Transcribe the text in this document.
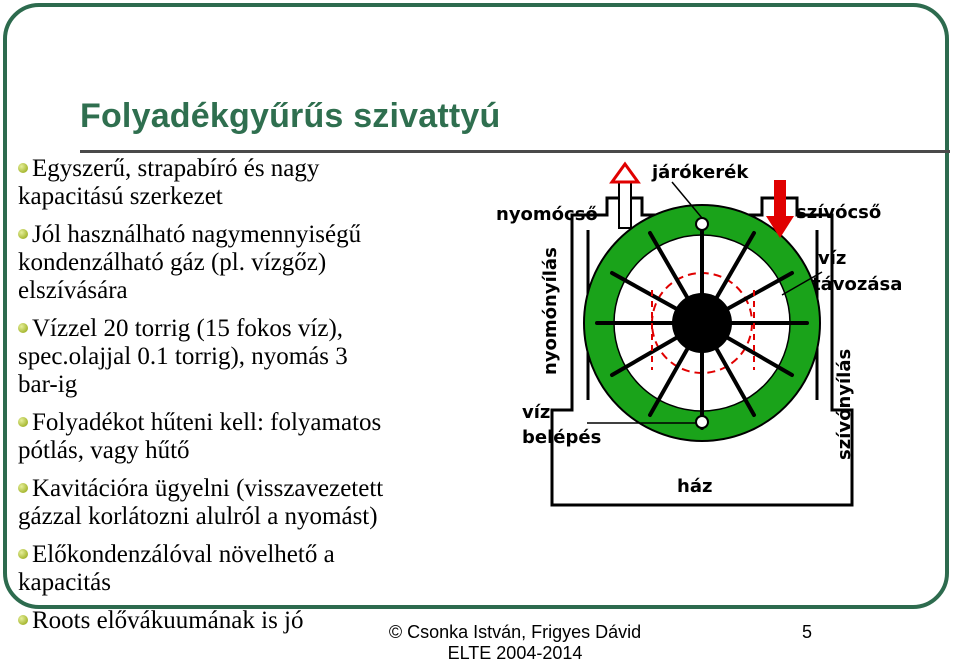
Folyadékgyűrűs szivattyú
Egyszerű, strapabíró és nagy
kapacitású szerkezet
Jól használható nagymennyiségű
kondenzálható gáz (pl. vízgőz)
elszívására
Vízzel 20 torrig (15 fokos víz),
spec.olajjal 0.1 torrig), nyomás 3
bar-ig
Folyadékot hűteni kell: folyamatos
pótlás, vagy hűtő
Kavitációra ügyelni (visszavezetett
gázzal korlátozni alulról a nyomást)
Előkondenzálóval növelhető a
kapacitás
Roots elővákuumának is jó
járókerék
nyomócső	szívócső
víz
távozása
nyomónyílás
szívónyílás
víz
belépés
ház
© Csonka István, Frigyes Dávid
ELTE 2004-2014
5
